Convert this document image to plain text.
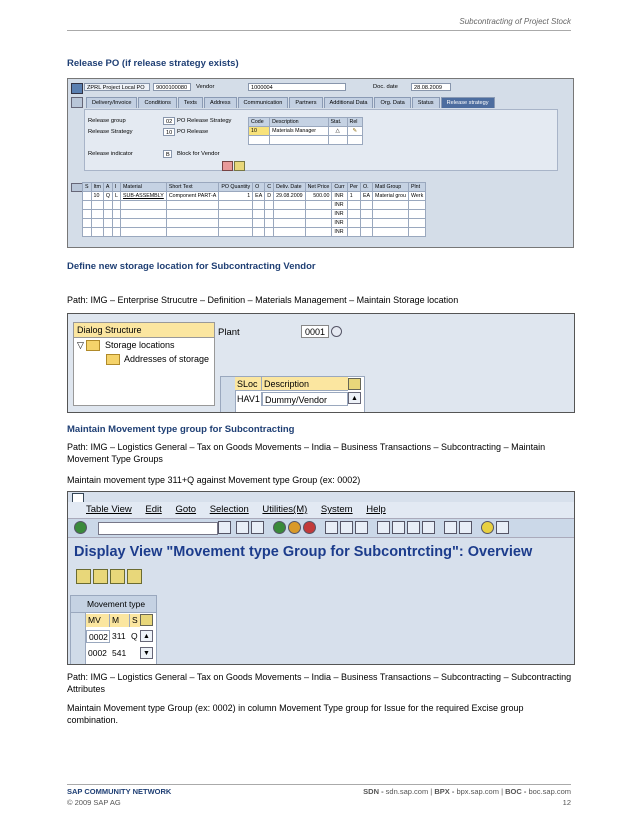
Subcontracting of Project Stock
Release PO (if release strategy exists)
ZPRL Project Local PO	9000100080	Vendor	1000004	Doc. date	28.08.2009
Delivery/Invoice	Conditions	Texts	Address	Communication	Partners	Additional Data	Org. Data	Status	Release strategy
Release group	02 PO Release Strategy
Release Strategy	10 PO Release
Release indicator	B	Block for Vendor
Code	Description	Stat.	Rel
10	Materials Manager	△	✎

S	Itm	A	I	Material	Short Text	PO Quantity	O	C	Deliv. Date	Net Price	Curr	Per	O.	Matl Group	Plnt
	10	Q	L	SUB-ASSEMBLY	Component PART-A	1	EA	D	29.08.2009	500.00	INR	1	EA	Material grou	Werk
											INR				
											INR				
											INR				
											INR				
Define new storage location for Subcontracting Vendor
Path: IMG – Enterprise Strucutre – Definition – Materials Management – Maintain Storage location
Dialog Structure
▽ Storage locations
Addresses of storage
Plant	0001
SLoc Description
HAV1 Dummy/Vendor	▲
Maintain Movement type group for Subcontracting
Path: IMG – Logistics General – Tax on Goods Movements – India – Business Transactions – Subcontracting – Maintain Movement Type Groups
Maintain movement type 311+Q against Movement type Group (ex: 0002)
Table View Edit Goto Selection Utilities(M) System Help
Display View "Movement type Group for Subcontrcting": Overview
Movement type
MV	M	S
0002 311 Q ▲
0002 541	▼
Path: IMG – Logistics General – Tax on Goods Movements – India – Business Transactions – Subcontracting – Subcontracting Attributes
Maintain Movement type Group (ex: 0002) in column Movement Type group for Issue for the required Excise group combination.
SAP COMMUNITY NETWORK	SDN - sdn.sap.com | BPX - bpx.sap.com | BOC - boc.sap.com
© 2009 SAP AG	12
